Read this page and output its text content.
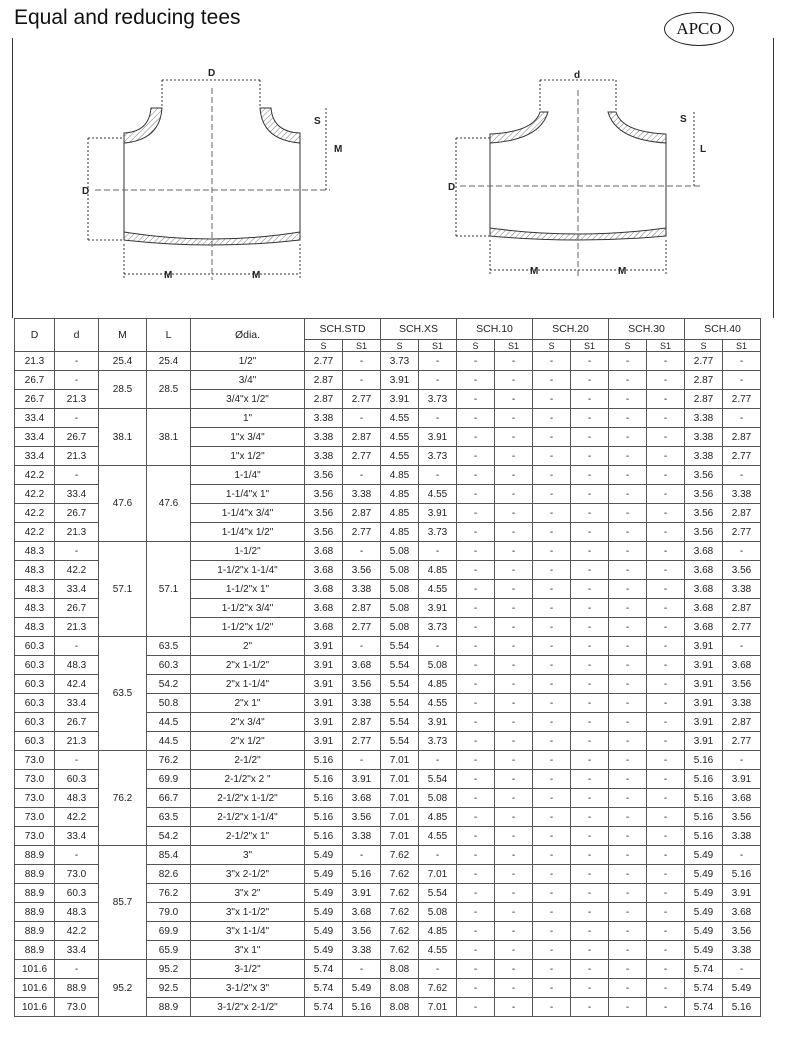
Equal and reducing tees	APCO
D
S
M
D
M	M
d
S
L
D
M	M
D	d	M	L	Ødia.	SCH.STD		SCH.XS		SCH.10		SCH.20		SCH.30		SCH.40	
					S	S1	S	S1	S	S1	S	S1	S	S1	S	S1
21.3	-	25.4	25.4	1/2"	2.77	-	3.73	-	-	-	-	-	-	-	2.77	-
26.7	-	28.5	28.5	3/4"	2.87	-	3.91	-	-	-	-	-	-	-	2.87	-
26.7	21.3			3/4"x 1/2"	2.87	2.77	3.91	3.73	-	-	-	-	-	-	2.87	2.77
33.4	-	38.1	38.1	1"	3.38	-	4.55	-	-	-	-	-	-	-	3.38	-
33.4	26.7			1"x 3/4"	3.38	2.87	4.55	3.91	-	-	-	-	-	-	3.38	2.87
33.4	21.3			1"x 1/2"	3.38	2.77	4.55	3.73	-	-	-	-	-	-	3.38	2.77
42.2	-	47.6	47.6	1-1/4"	3.56	-	4.85	-	-	-	-	-	-	-	3.56	-
42.2	33.4			1-1/4"x 1"	3.56	3.38	4.85	4.55	-	-	-	-	-	-	3.56	3.38
42.2	26.7			1-1/4"x 3/4"	3.56	2.87	4.85	3.91	-	-	-	-	-	-	3.56	2.87
42.2	21.3			1-1/4"x 1/2"	3.56	2.77	4.85	3.73	-	-	-	-	-	-	3.56	2.77
48.3	-	57.1	57.1	1-1/2"	3.68	-	5.08	-	-	-	-	-	-	-	3.68	-
48.3	42.2			1-1/2"x 1-1/4"	3.68	3.56	5.08	4.85	-	-	-	-	-	-	3.68	3.56
48.3	33.4			1-1/2"x 1"	3.68	3.38	5.08	4.55	-	-	-	-	-	-	3.68	3.38
48.3	26.7			1-1/2"x 3/4"	3.68	2.87	5.08	3.91	-	-	-	-	-	-	3.68	2.87
48.3	21.3			1-1/2"x 1/2"	3.68	2.77	5.08	3.73	-	-	-	-	-	-	3.68	2.77
60.3	-	63.5	63.5	2"	3.91	-	5.54	-	-	-	-	-	-	-	3.91	-
60.3	48.3		60.3	2"x 1-1/2"	3.91	3.68	5.54	5.08	-	-	-	-	-	-	3.91	3.68
60.3	42.4		54.2	2"x 1-1/4"	3.91	3.56	5.54	4.85	-	-	-	-	-	-	3.91	3.56
60.3	33.4		50.8	2"x 1"	3.91	3.38	5.54	4.55	-	-	-	-	-	-	3.91	3.38
60.3	26.7		44.5	2"x 3/4"	3.91	2.87	5.54	3.91	-	-	-	-	-	-	3.91	2.87
60.3	21.3		44.5	2"x 1/2"	3.91	2.77	5.54	3.73	-	-	-	-	-	-	3.91	2.77
73.0	-	76.2	76.2	2-1/2"	5.16	-	7.01	-	-	-	-	-	-	-	5.16	-
73.0	60.3		69.9	2-1/2"x 2 "	5.16	3.91	7.01	5.54	-	-	-	-	-	-	5.16	3.91
73.0	48.3		66.7	2-1/2"x 1-1/2"	5.16	3.68	7.01	5.08	-	-	-	-	-	-	5.16	3.68
73.0	42.2		63.5	2-1/2"x 1-1/4"	5.16	3.56	7.01	4.85	-	-	-	-	-	-	5.16	3.56
73.0	33.4		54.2	2-1/2"x 1"	5.16	3.38	7.01	4.55	-	-	-	-	-	-	5.16	3.38
88.9	-	85.7	85.4	3"	5.49	-	7.62	-	-	-	-	-	-	-	5.49	-
88.9	73.0		82.6	3"x 2-1/2"	5.49	5.16	7.62	7.01	-	-	-	-	-	-	5.49	5.16
88.9	60.3		76.2	3"x 2"	5.49	3.91	7.62	5.54	-	-	-	-	-	-	5.49	3.91
88.9	48.3		79.0	3"x 1-1/2"	5.49	3.68	7.62	5.08	-	-	-	-	-	-	5.49	3.68
88.9	42.2		69.9	3"x 1-1/4"	5.49	3.56	7.62	4.85	-	-	-	-	-	-	5.49	3.56
88.9	33.4		65.9	3"x 1"	5.49	3.38	7.62	4.55	-	-	-	-	-	-	5.49	3.38
101.6	-	95.2	95.2	3-1/2"	5.74	-	8.08	-	-	-	-	-	-	-	5.74	-
101.6	88.9		92.5	3-1/2"x 3"	5.74	5.49	8.08	7.62	-	-	-	-	-	-	5.74	5.49
101.6	73.0		88.9	3-1/2"x 2-1/2"	5.74	5.16	8.08	7.01	-	-	-	-	-	-	5.74	5.16
